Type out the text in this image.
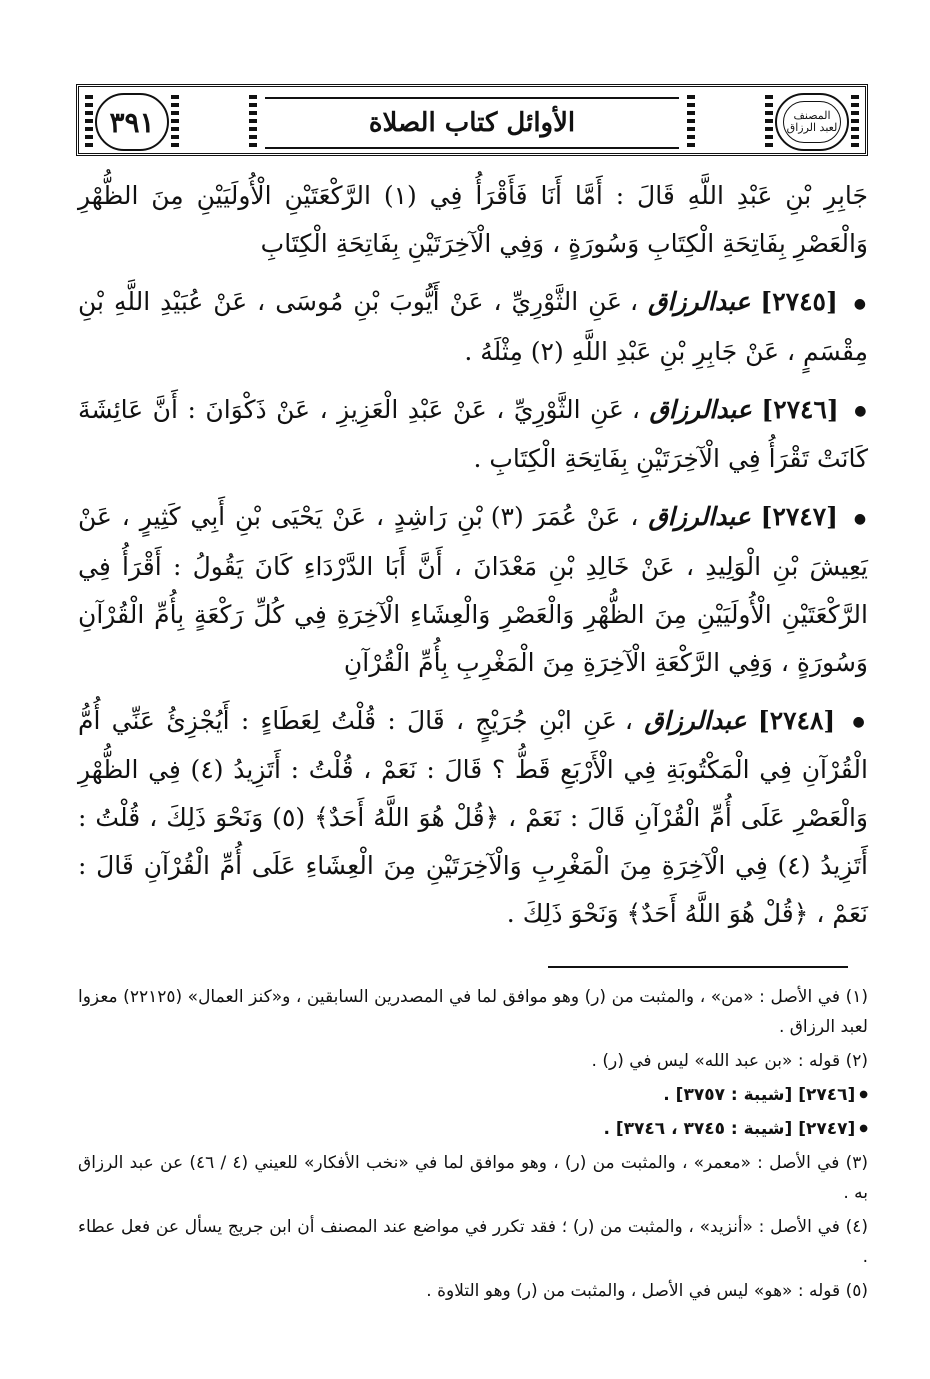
٣٩١	الأوائل كتاب الصلاة	المصنف لعبد الرزاق

جَابِرِ بْنِ عَبْدِ اللَّهِ قَالَ : أَمَّا أَنَا فَأَقْرَأُ فِي (١) الرَّكْعَتَيْنِ الْأُولَيَيْنِ مِنَ الظُّهْرِ وَالْعَصْرِ بِفَاتِحَةِ الْكِتَابِ وَسُورَةٍ ، وَفِي الْآخِرَتَيْنِ بِفَاتِحَةِ الْكِتَابِ

● [٢٧٤٥] عبدالرزاق ، عَنِ الثَّوْرِيِّ ، عَنْ أَيُّوبَ بْنِ مُوسَى ، عَنْ عُبَيْدِ اللَّهِ بْنِ مِقْسَمٍ ، عَنْ جَابِرِ بْنِ عَبْدِ اللَّهِ (٢) مِثْلَهُ .

● [٢٧٤٦] عبدالرزاق ، عَنِ الثَّوْرِيِّ ، عَنْ عَبْدِ الْعَزِيزِ ، عَنْ ذَكْوَانَ : أَنَّ عَائِشَةَ كَانَتْ تَقْرَأُ فِي الْآخِرَتَيْنِ بِفَاتِحَةِ الْكِتَابِ .

● [٢٧٤٧] عبدالرزاق ، عَنْ عُمَرَ (٣) بْنِ رَاشِدٍ ، عَنْ يَحْيَى بْنِ أَبِي كَثِيرٍ ، عَنْ يَعِيشَ بْنِ الْوَلِيدِ ، عَنْ خَالِدِ بْنِ مَعْدَانَ ، أَنَّ أَبَا الدَّرْدَاءِ كَانَ يَقُولُ : أَقْرَأُ فِي الرَّكْعَتَيْنِ الْأُولَيَيْنِ مِنَ الظُّهْرِ وَالْعَصْرِ وَالْعِشَاءِ الْآخِرَةِ فِي كُلِّ رَكْعَةٍ بِأُمِّ الْقُرْآنِ وَسُورَةٍ ، وَفِي الرَّكْعَةِ الْآخِرَةِ مِنَ الْمَغْرِبِ بِأُمِّ الْقُرْآنِ

● [٢٧٤٨] عبدالرزاق ، عَنِ ابْنِ جُرَيْجٍ ، قَالَ : قُلْتُ لِعَطَاءٍ : أَيُجْزِئُ عَنِّي أُمُّ الْقُرْآنِ فِي الْمَكْتُوبَةِ فِي الْأَرْبَعِ قَطُّ ؟ قَالَ : نَعَمْ ، قُلْتُ : أَتَزِيدُ (٤) فِي الظُّهْرِ وَالْعَصْرِ عَلَى أُمِّ الْقُرْآنِ قَالَ : نَعَمْ ، ﴿قُلْ هُوَ اللَّهُ أَحَدٌ﴾ (٥) وَنَحْوَ ذَلِكَ ، قُلْتُ : أَتَزِيدُ (٤) فِي الْآخِرَةِ مِنَ الْمَغْرِبِ وَالْآخِرَتَيْنِ مِنَ الْعِشَاءِ عَلَى أُمِّ الْقُرْآنِ قَالَ : نَعَمْ ، ﴿قُلْ هُوَ اللَّهُ أَحَدٌ﴾ وَنَحْوَ ذَلِكَ .

(١) في الأصل : «من» ، والمثبت من (ر) وهو موافق لما في المصدرين السابقين ، و«كنز العمال» (٢٢١٢٥) معزوا لعبد الرزاق .

(٢) قوله : «بن عبد الله» ليس في (ر) .

● [٢٧٤٦] [شيبة : ٣٧٥٧] .

● [٢٧٤٧] [شيبة : ٣٧٤٥ ، ٣٧٤٦] .

(٣) في الأصل : «معمر» ، والمثبت من (ر) ، وهو موافق لما في «نخب الأفكار» للعيني (٤ / ٤٦) عن عبد الرزاق به .

(٤) في الأصل : «أنزيد» ، والمثبت من (ر) ؛ فقد تكرر في مواضع عند المصنف أن ابن جريج يسأل عن فعل عطاء .

(٥) قوله : «هو» ليس في الأصل ، والمثبت من (ر) وهو التلاوة .
